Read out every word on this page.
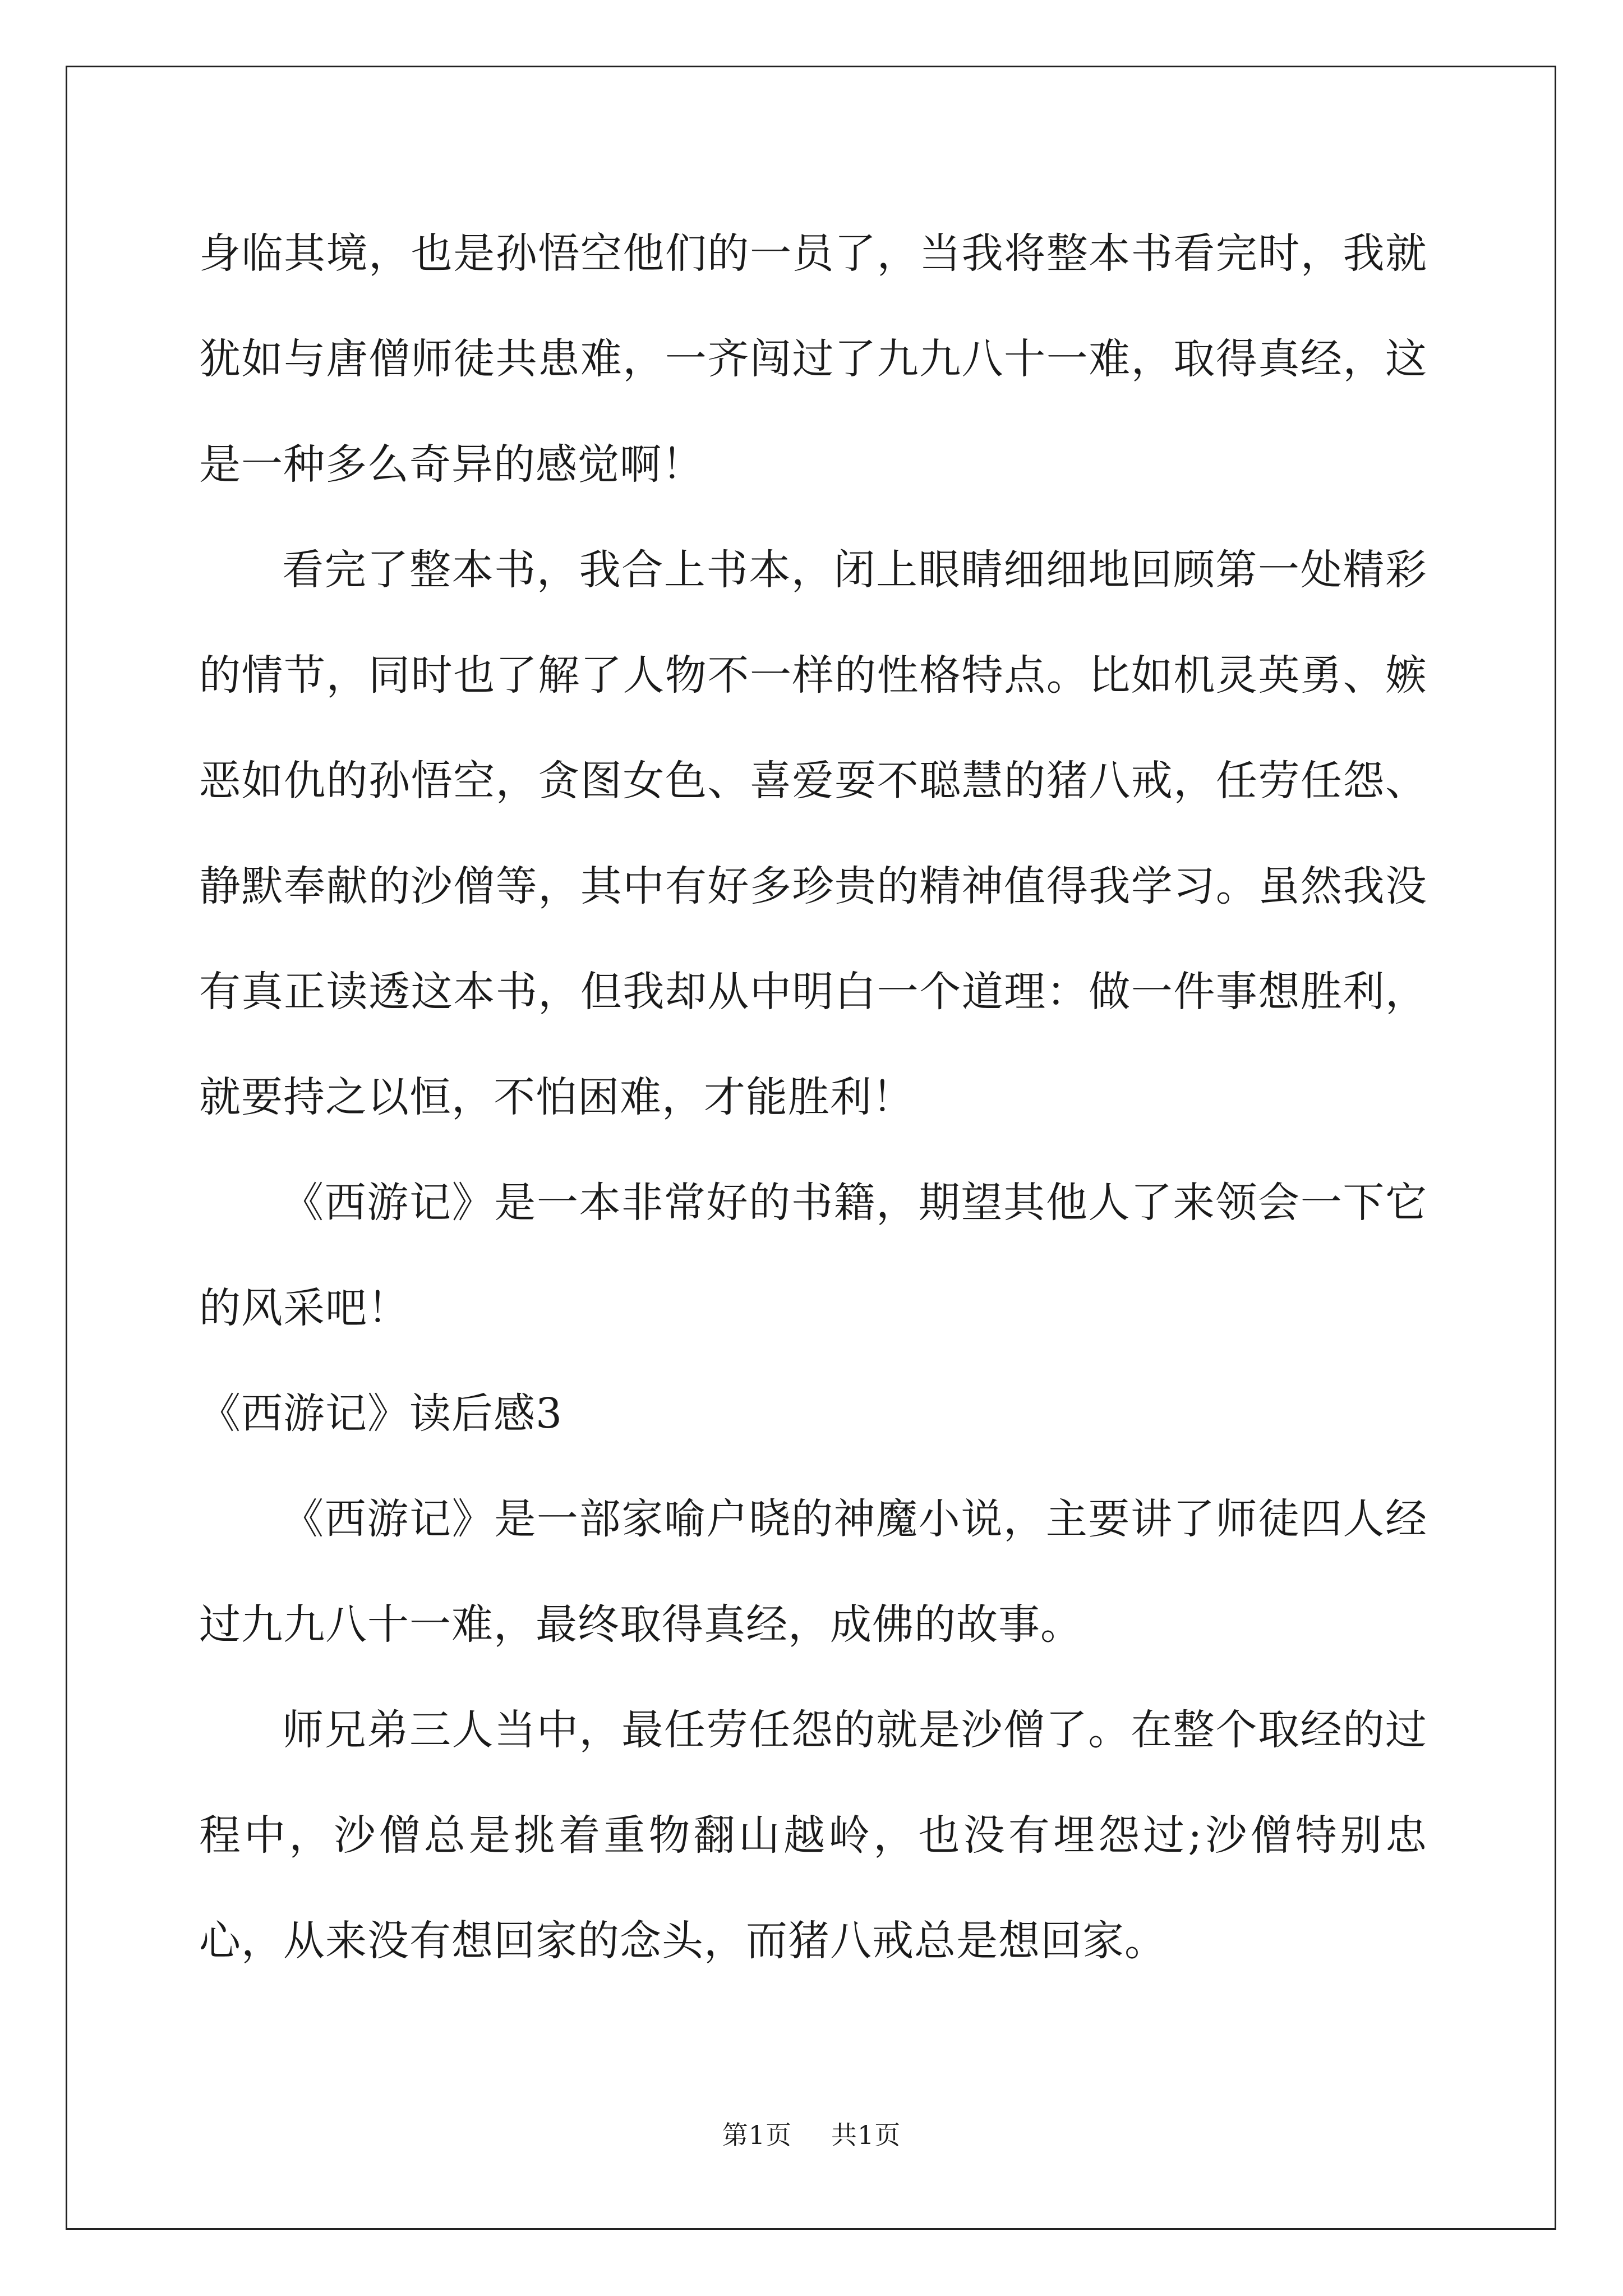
身临其境，也是孙悟空他们的一员了，当我将整本书看完时，我就犹如与唐僧师徒共患难，一齐闯过了九九八十一难，取得真经，这是一种多么奇异的感觉啊！

看完了整本书，我合上书本，闭上眼睛细细地回顾第一处精彩的情节，同时也了解了人物不一样的性格特点。比如机灵英勇、嫉恶如仇的孙悟空，贪图女色、喜爱耍不聪慧的猪八戒，任劳任怨、静默奉献的沙僧等，其中有好多珍贵的精神值得我学习。虽然我没有真正读透这本书，但我却从中明白一个道理：做一件事想胜利，就要持之以恒，不怕困难，才能胜利！

《西游记》是一本非常好的书籍，期望其他人了来领会一下它的风采吧！

《西游记》读后感3

《西游记》是一部家喻户晓的神魔小说，主要讲了师徒四人经过九九八十一难，最终取得真经，成佛的故事。

师兄弟三人当中，最任劳任怨的就是沙僧了。在整个取经的过程中，沙僧总是挑着重物翻山越岭，也没有埋怨过;沙僧特别忠心，从来没有想回家的念头，而猪八戒总是想回家。

第1页 共1页
